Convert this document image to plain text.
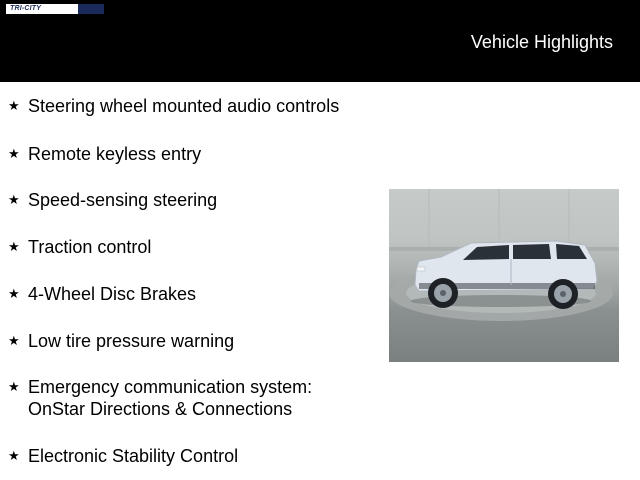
TRI-CITY
Vehicle Highlights
★ Steering wheel mounted audio controls
★ Remote keyless entry
★ Speed-sensing steering
★ Traction control
★ 4-Wheel Disc Brakes
★ Low tire pressure warning
★ Emergency communication system:
OnStar Directions & Connections
★ Electronic Stability Control
